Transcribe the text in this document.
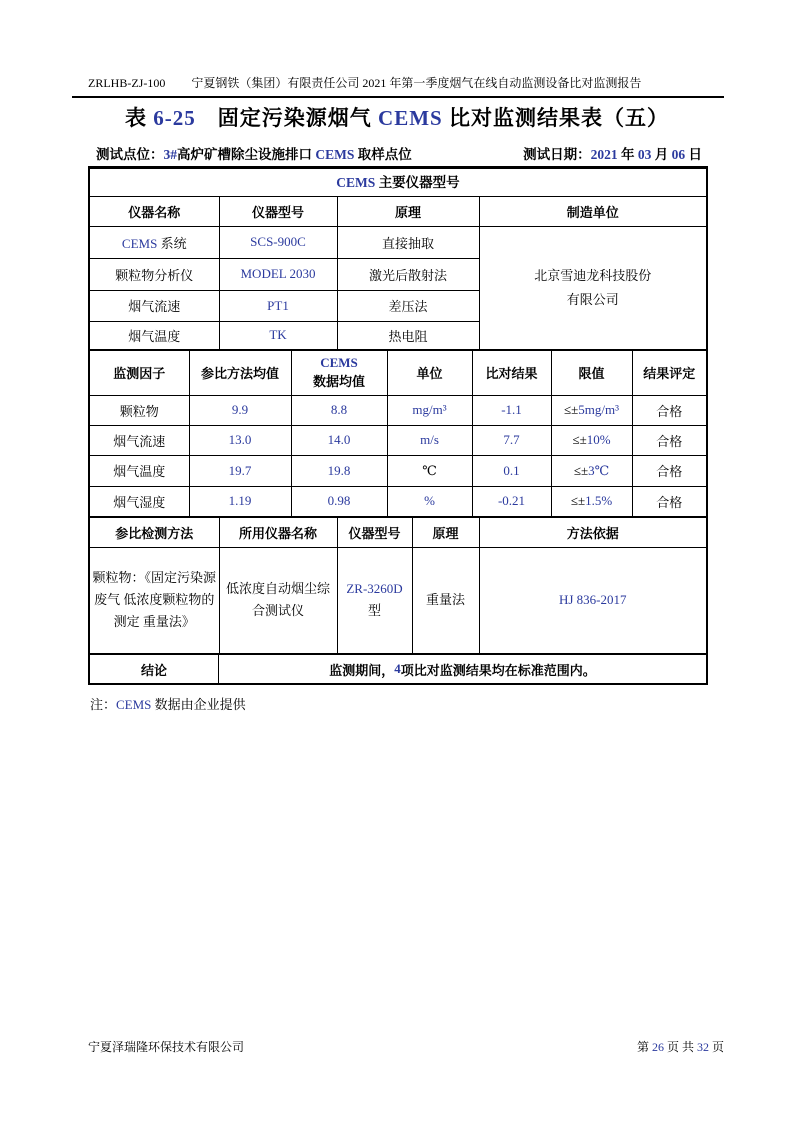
ZRLHB-ZJ-100 宁夏钢铁（集团）有限责任公司 2021 年第一季度烟气在线自动监测设备比对监测报告
表 6-25　固定污染源烟气 CEMS 比对监测结果表（五）
测试点位：3#高炉矿槽除尘设施排口 CEMS 取样点位	测试日期：2021 年 03 月 06 日
CEMS 主要仪器型号
仪器名称	仪器型号	原理	制造单位
CEMS 系统	SCS-900C	直接抽取	北京雪迪龙科技股份
有限公司

颗粒物分析仪	MODEL 2030	激光后散射法	
烟气流速	PT1	差压法	
烟气温度	TK	热电阻	
监测因子	参比方法均值	CEMS
数据均值	单位	比对结果	限值	结果评定
颗粒物	9.9	8.8	mg/m³	-1.1	≤±5mg/m³	合格
烟气流速	13.0	14.0	m/s	7.7	≤±10%	合格
烟气温度	19.7	19.8	℃	0.1	≤±3℃	合格
烟气湿度	1.19	0.98	%	-0.21	≤±1.5%	合格
参比检测方法	所用仪器名称	仪器型号	原理	方法依据
颗粒物：《固定污染源废气 低浓度颗粒物的测定 重量法》	低浓度自动烟尘综合测试仪	ZR-3260D 型	重量法	HJ 836-2017
结论	监测期间， 4 项比对监测结果均在标准范围内。
注：CEMS 数据由企业提供
宁夏泽瑞隆环保技术有限公司	第 26 页 共 32 页
